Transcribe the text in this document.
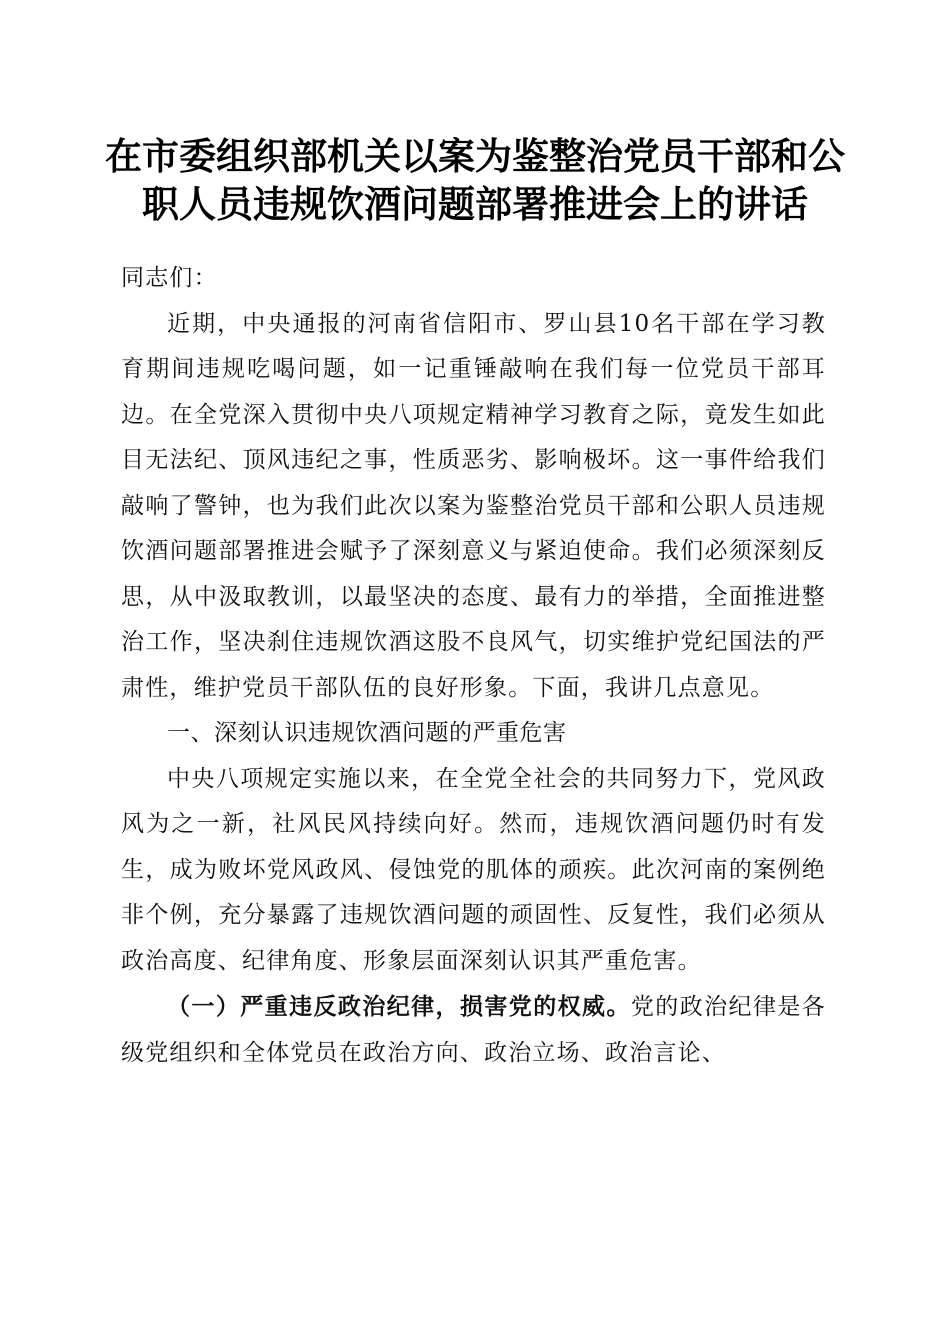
在市委组织部机关以案为鉴整治党员干部和公
职人员违规饮酒问题部署推进会上的讲话

同志们：

近期，中央通报的河南省信阳市、罗山县10名干部在学习教育期间违规吃喝问题，如一记重锤敲响在我们每一位党员干部耳边。在全党深入贯彻中央八项规定精神学习教育之际，竟发生如此目无法纪、顶风违纪之事，性质恶劣、影响极坏。这一事件给我们敲响了警钟，也为我们此次以案为鉴整治党员干部和公职人员违规饮酒问题部署推进会赋予了深刻意义与紧迫使命。我们必须深刻反思，从中汲取教训，以最坚决的态度、最有力的举措，全面推进整治工作，坚决刹住违规饮酒这股不良风气，切实维护党纪国法的严肃性，维护党员干部队伍的良好形象。下面，我讲几点意见。

一、深刻认识违规饮酒问题的严重危害

中央八项规定实施以来，在全党全社会的共同努力下，党风政风为之一新，社风民风持续向好。然而，违规饮酒问题仍时有发生，成为败坏党风政风、侵蚀党的肌体的顽疾。此次河南的案例绝非个例，充分暴露了违规饮酒问题的顽固性、反复性，我们必须从政治高度、纪律角度、形象层面深刻认识其严重危害。

（一）严重违反政治纪律，损害党的权威。党的政治纪律是各级党组织和全体党员在政治方向、政治立场、政治言论、
